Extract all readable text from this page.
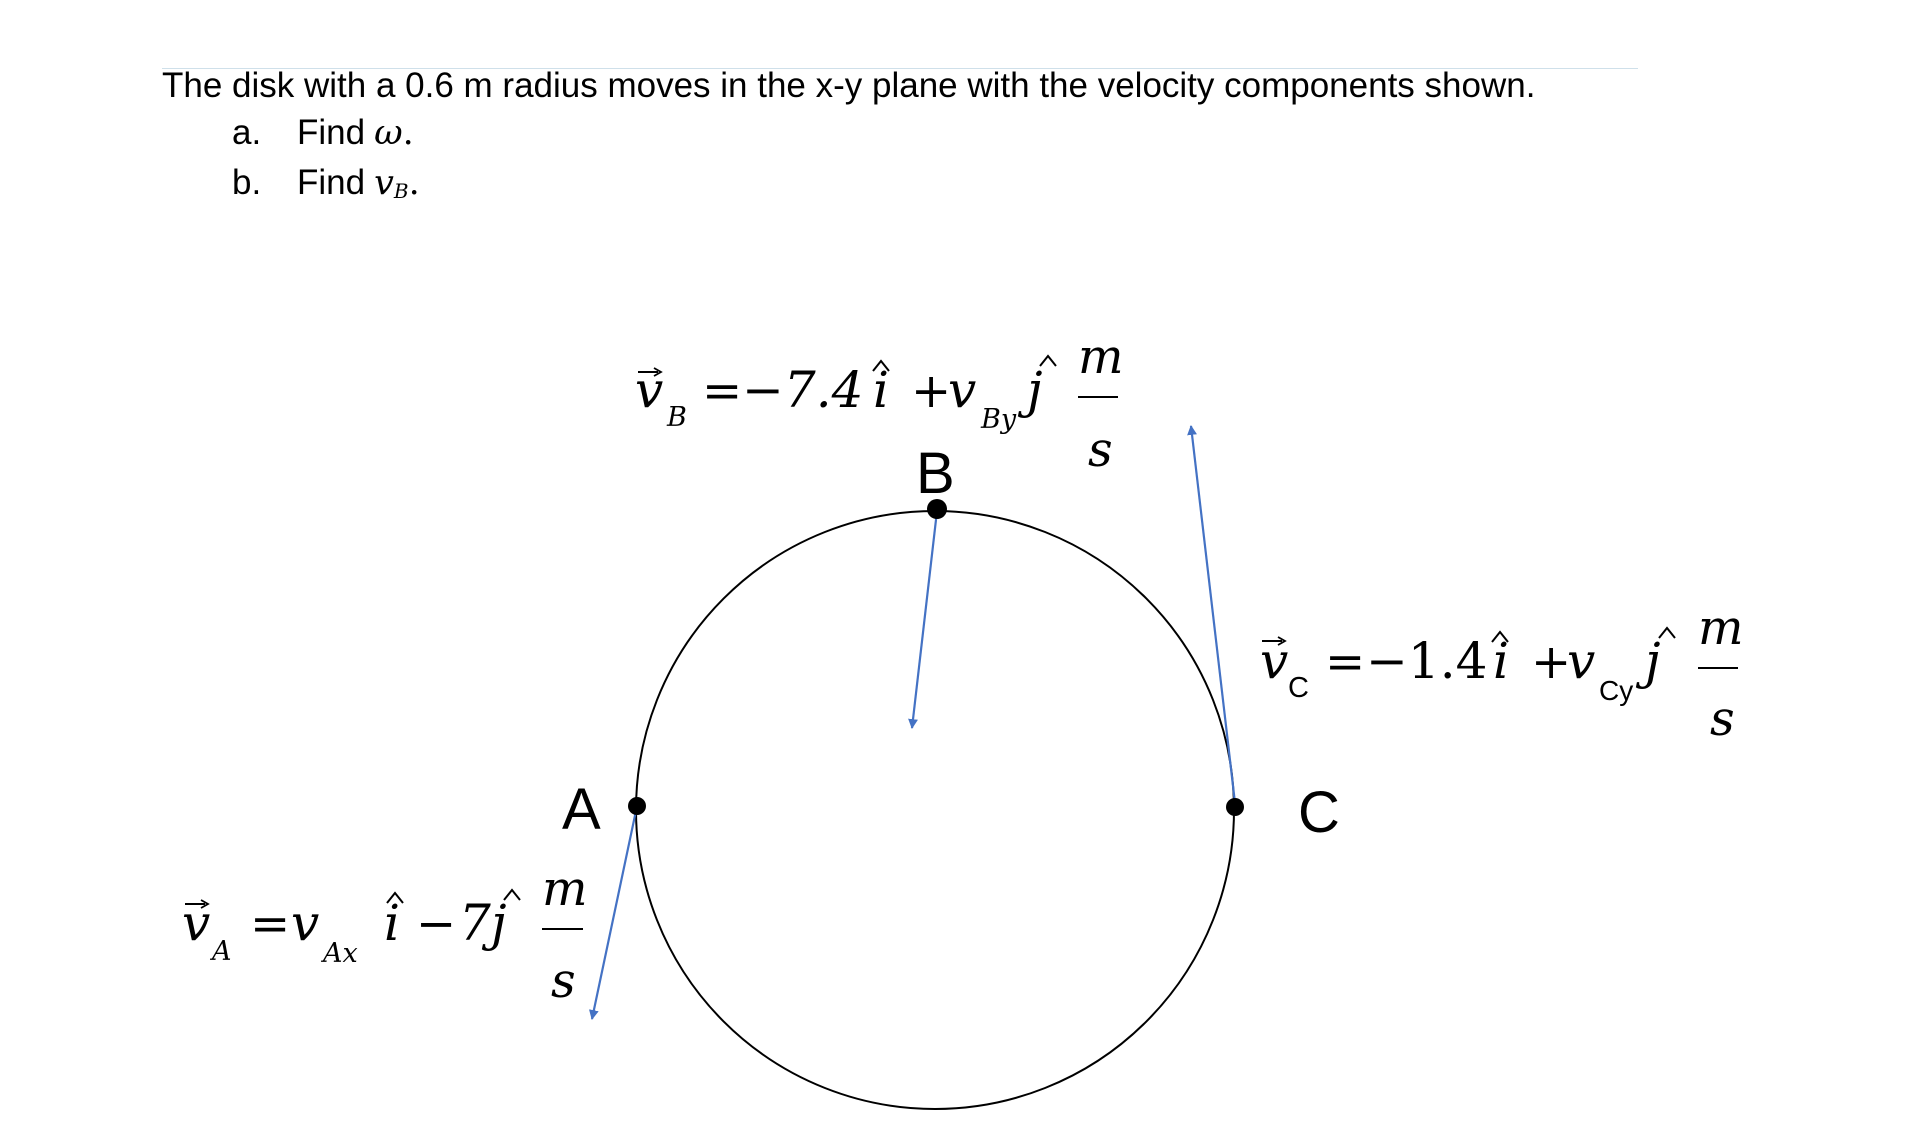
The disk with a 0.6 m radius moves in the x-y plane with the velocity components shown.
a. Find ω.
b. Find $v_B$.
B
A	C
v B = −7.4 i +
v
By
j
m
s
v C = −1.4 i +
v
Cy
j
m
s
v A = v
Ax
i − 7 j
m
s
